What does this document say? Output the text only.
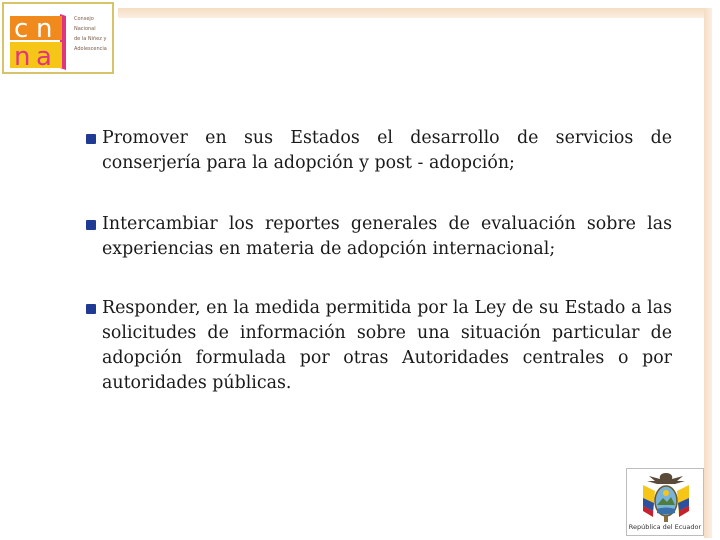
c n
n a
Consejo
Nacional
de la Niñez y
Adolescencia
Promover en sus Estados el desarrollo de servicios de conserjería para la adopción y post - adopción;
Intercambiar los reportes generales de evaluación sobre las experiencias en materia de adopción internacional;
Responder, en la medida permitida por la Ley de su Estado a las solicitudes de información sobre una situación particular de adopción formulada por otras Autoridades centrales o por autoridades públicas.
República del Ecuador
